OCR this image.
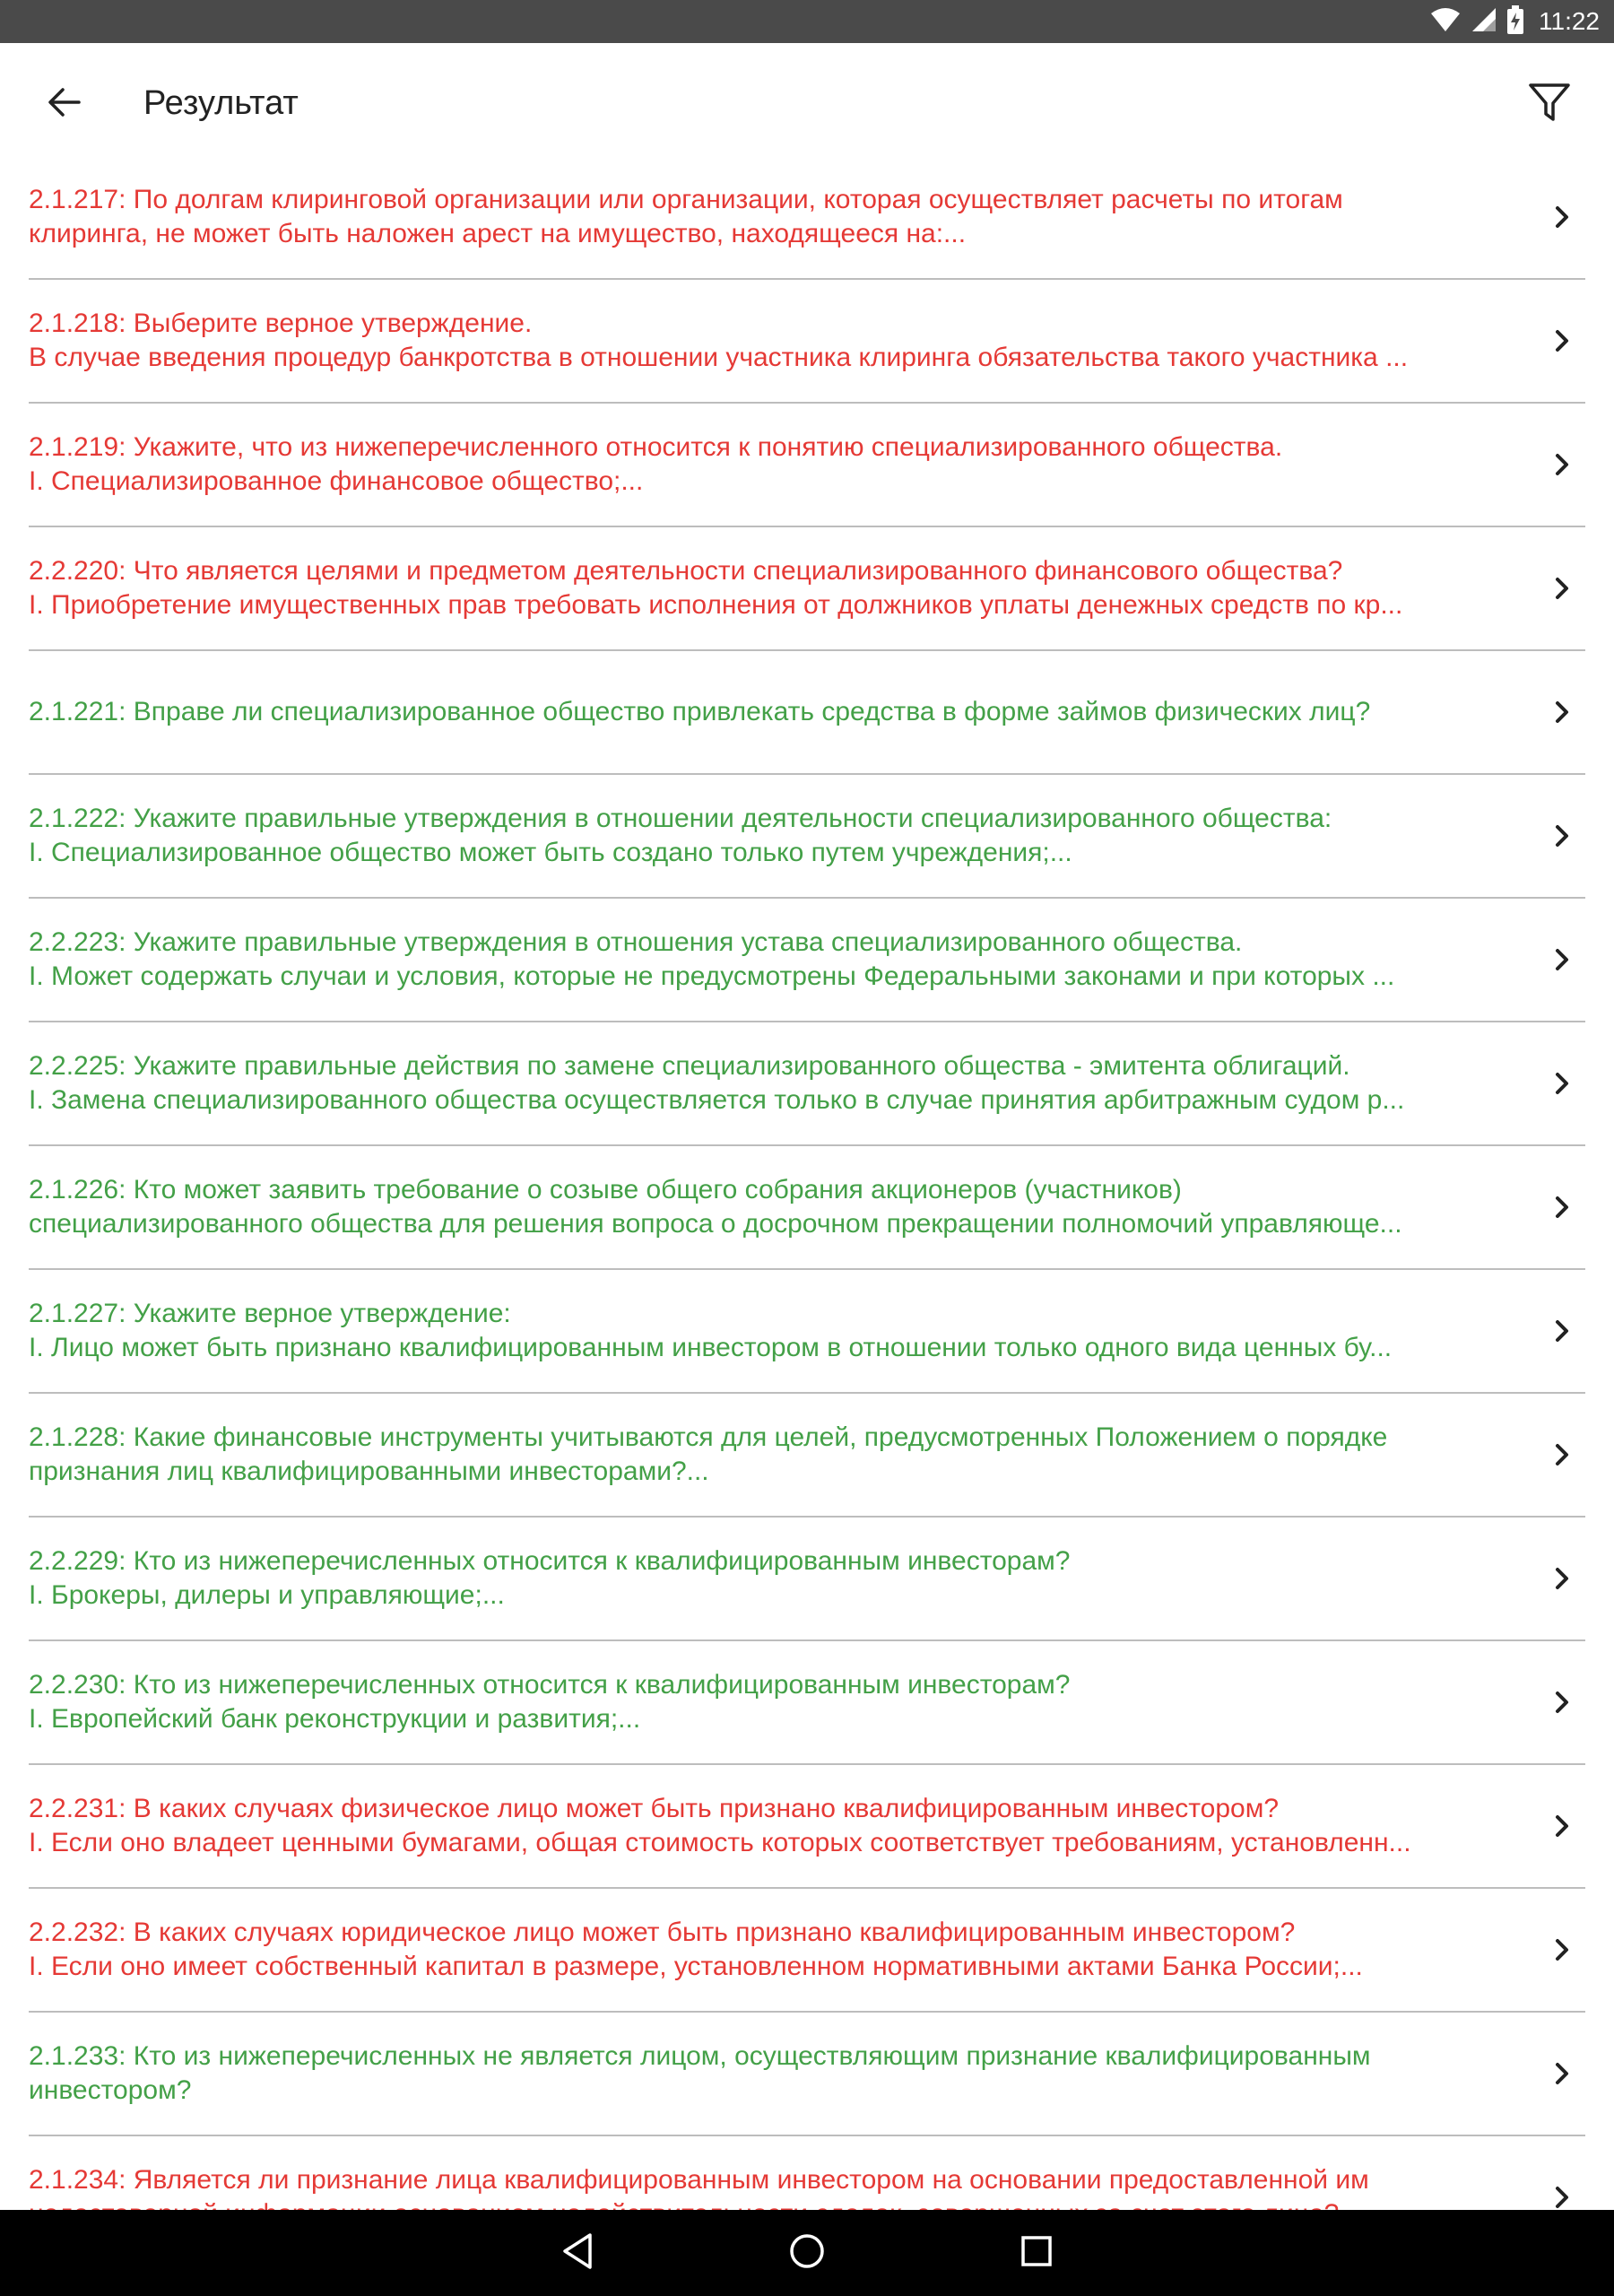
11:22
Результат
2.1.217: По долгам клиринговой организации или организации, которая осуществляет расчеты по итогам
клиринга, не может быть наложен арест на имущество, находящееся на:...
2.1.218: Выберите верное утверждение.
В случае введения процедур банкротства в отношении участника клиринга обязательства такого участника ...
2.1.219: Укажите, что из нижеперечисленного относится к понятию специализированного общества.
I. Специализированное финансовое общество;...
2.2.220: Что является целями и предметом деятельности специализированного финансового общества?
I. Приобретение имущественных прав требовать исполнения от должников уплаты денежных средств по кр...
2.1.221: Вправе ли специализированное общество привлекать средства в форме займов физических лиц?
2.1.222: Укажите правильные утверждения в отношении деятельности специализированного общества:
I. Специализированное общество может быть создано только путем учреждения;...
2.2.223: Укажите правильные утверждения в отношения устава специализированного общества.
I. Может содержать случаи и условия, которые не предусмотрены Федеральными законами и при которых ...
2.2.225: Укажите правильные действия по замене специализированного общества - эмитента облигаций.
I. Замена специализированного общества осуществляется только в случае принятия арбитражным судом р...
2.1.226: Кто может заявить требование о созыве общего собрания акционеров (участников)
специализированного общества для решения вопроса о досрочном прекращении полномочий управляюще...
2.1.227: Укажите верное утверждение:
I. Лицо может быть признано квалифицированным инвестором в отношении только одного вида ценных бу...
2.1.228: Какие финансовые инструменты учитываются для целей, предусмотренных Положением о порядке
признания лиц квалифицированными инвесторами?...
2.2.229: Кто из нижеперечисленных относится к квалифицированным инвесторам?
I. Брокеры, дилеры и управляющие;...
2.2.230: Кто из нижеперечисленных относится к квалифицированным инвесторам?
I. Европейский банк реконструкции и развития;...
2.2.231: В каких случаях физическое лицо может быть признано квалифицированным инвестором?
I. Если оно владеет ценными бумагами, общая стоимость которых соответствует требованиям, установленн...
2.2.232: В каких случаях юридическое лицо может быть признано квалифицированным инвестором?
I. Если оно имеет собственный капитал в размере, установленном нормативными актами Банка России;...
2.1.233: Кто из нижеперечисленных не является лицом, осуществляющим признание квалифицированным
инвестором?
2.1.234: Является ли признание лица квалифицированным инвестором на основании предоставленной им
